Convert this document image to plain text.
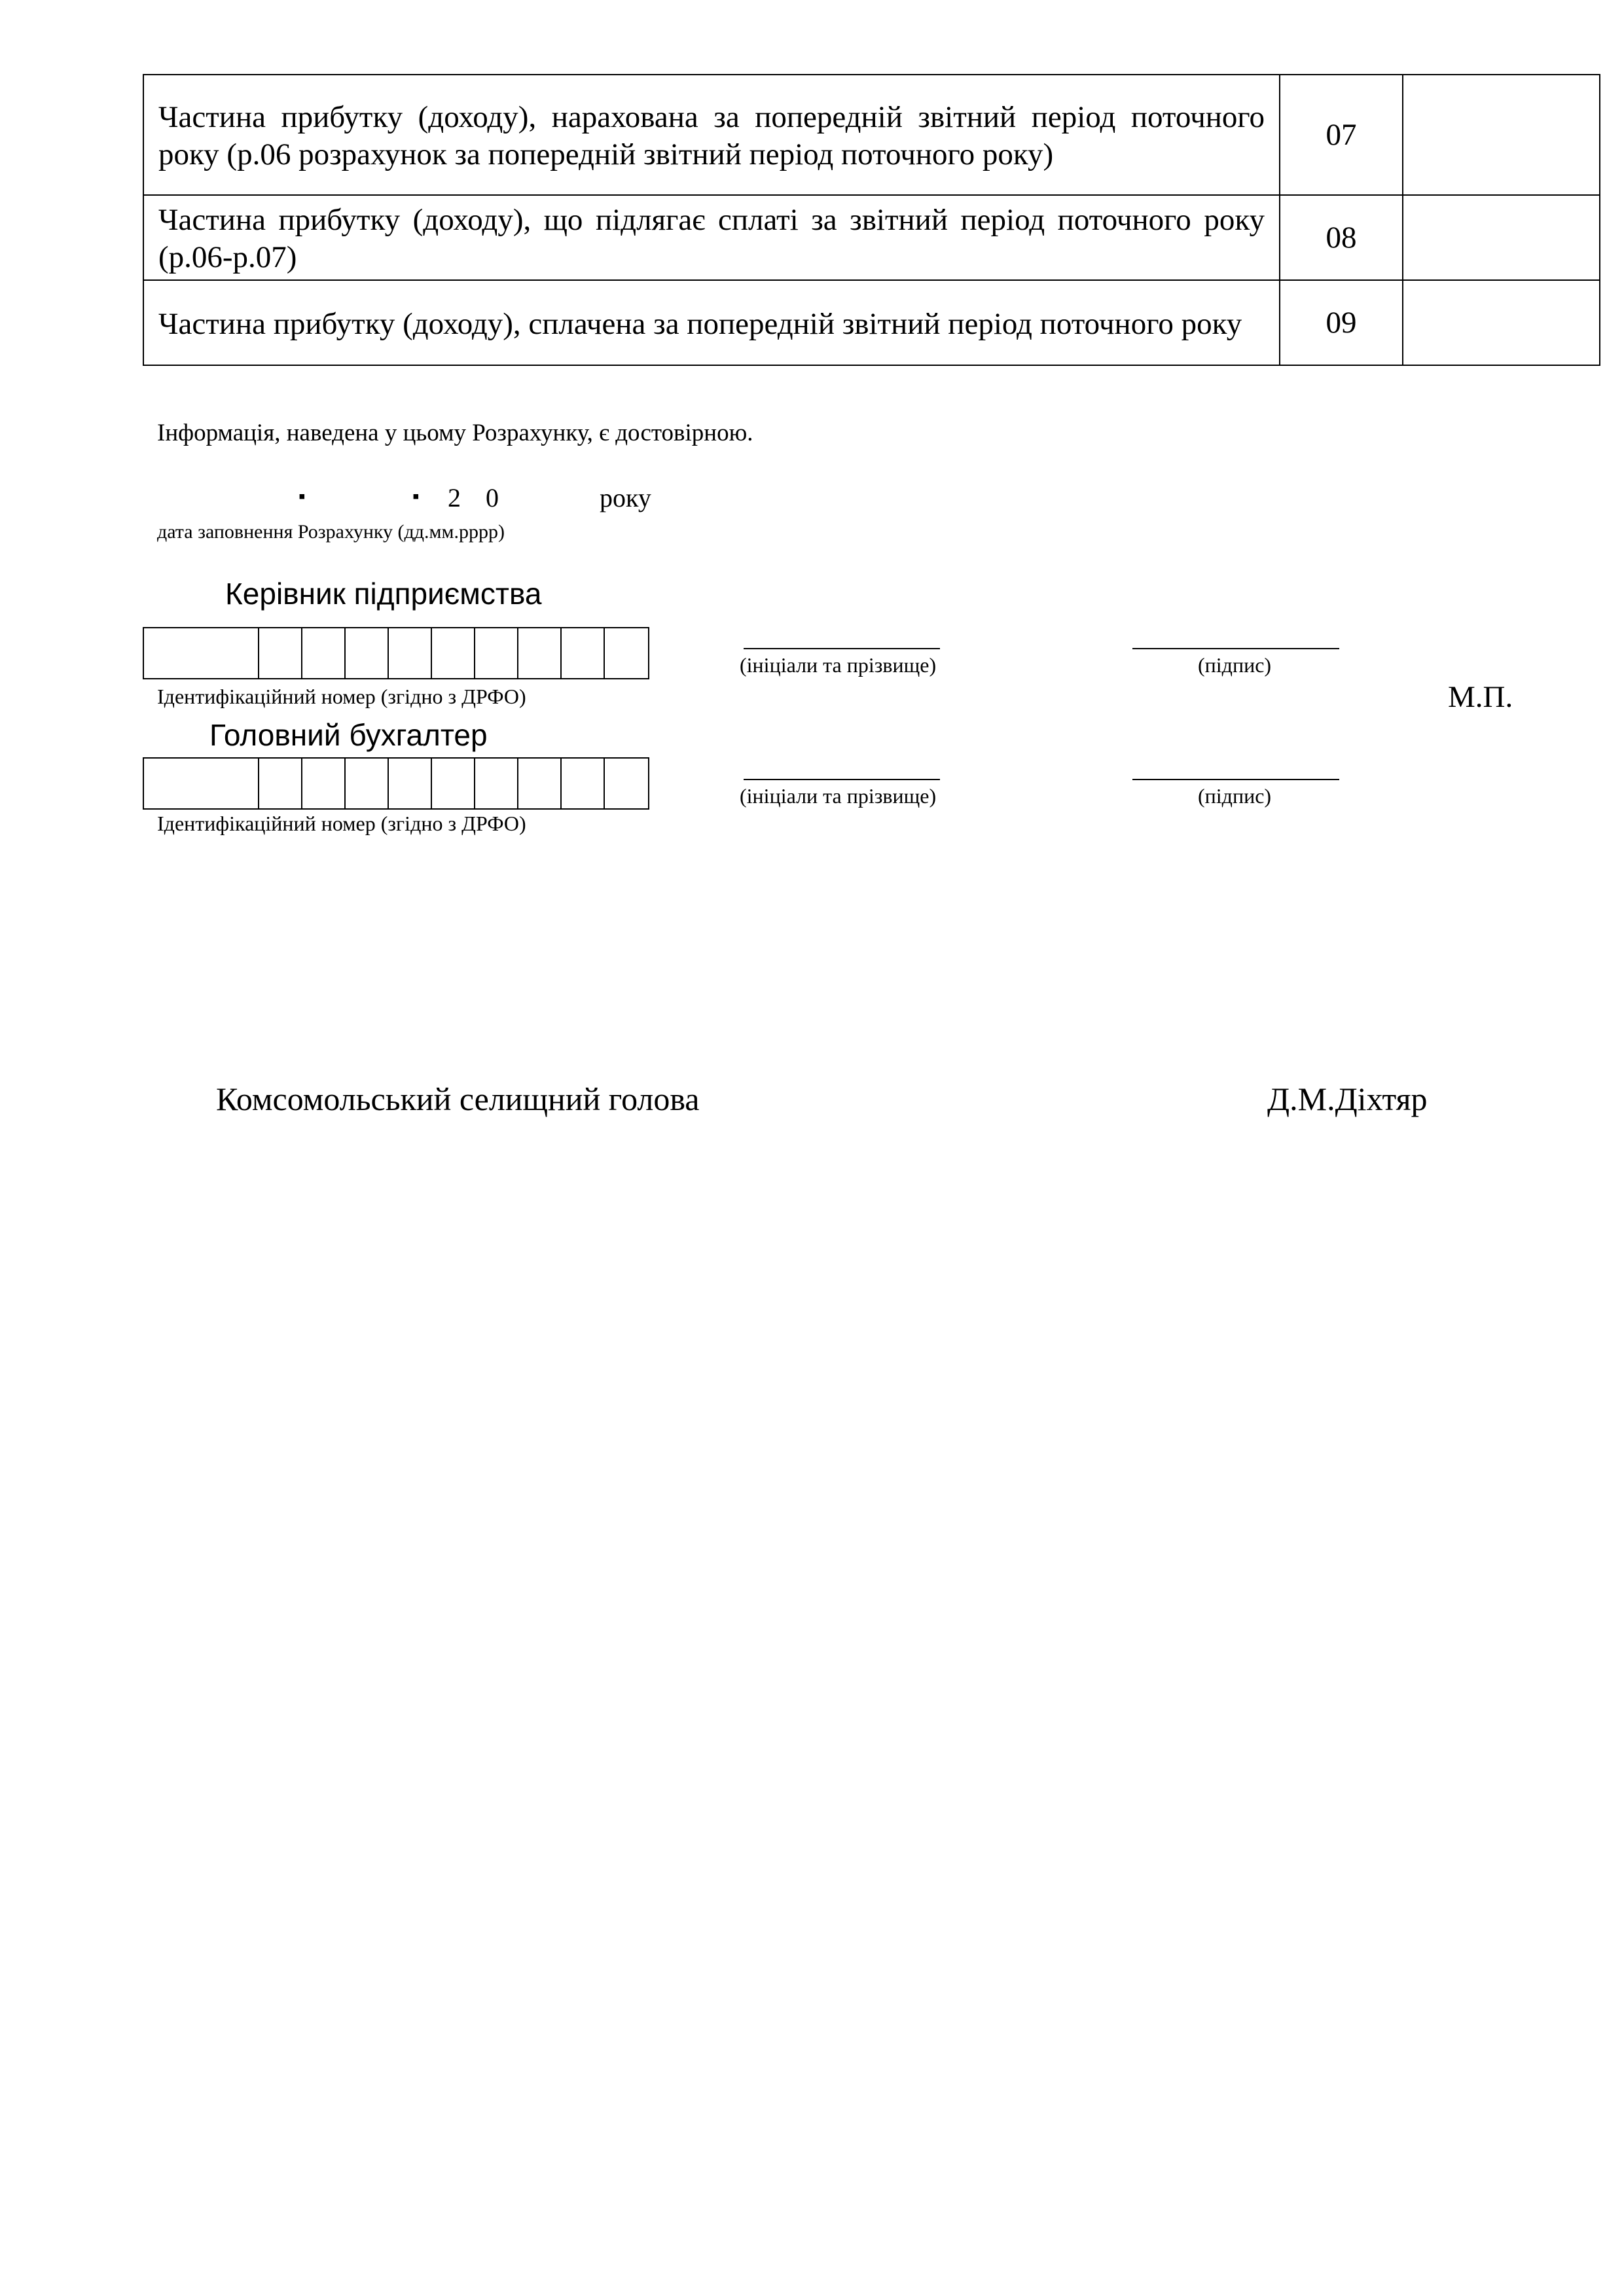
Частина прибутку (доходу), нарахована за попередній звітний період поточного року (р.06 розрахунок за попередній звітний період поточного року)	07	
Частина прибутку (доходу), що підлягає сплаті за звітний період поточного року (р.06-р.07)	08	
Частина прибутку (доходу), сплачена за попередній звітний період поточного року	09	
Інформація, наведена у цьому Розрахунку, є достовірною.
▪	▪ 2 0	року
дата заповнення Розрахунку (дд.мм.рррр)
Керівник підприємства
Ідентифікаційний номер (згідно з ДРФО)
(ініціали та прізвище)	(підпис)
М.П.
Головний бухгалтер
Ідентифікаційний номер (згідно з ДРФО)
(ініціали та прізвище)	(підпис)
Комсомольський селищний голова	Д.М.Діхтяр
